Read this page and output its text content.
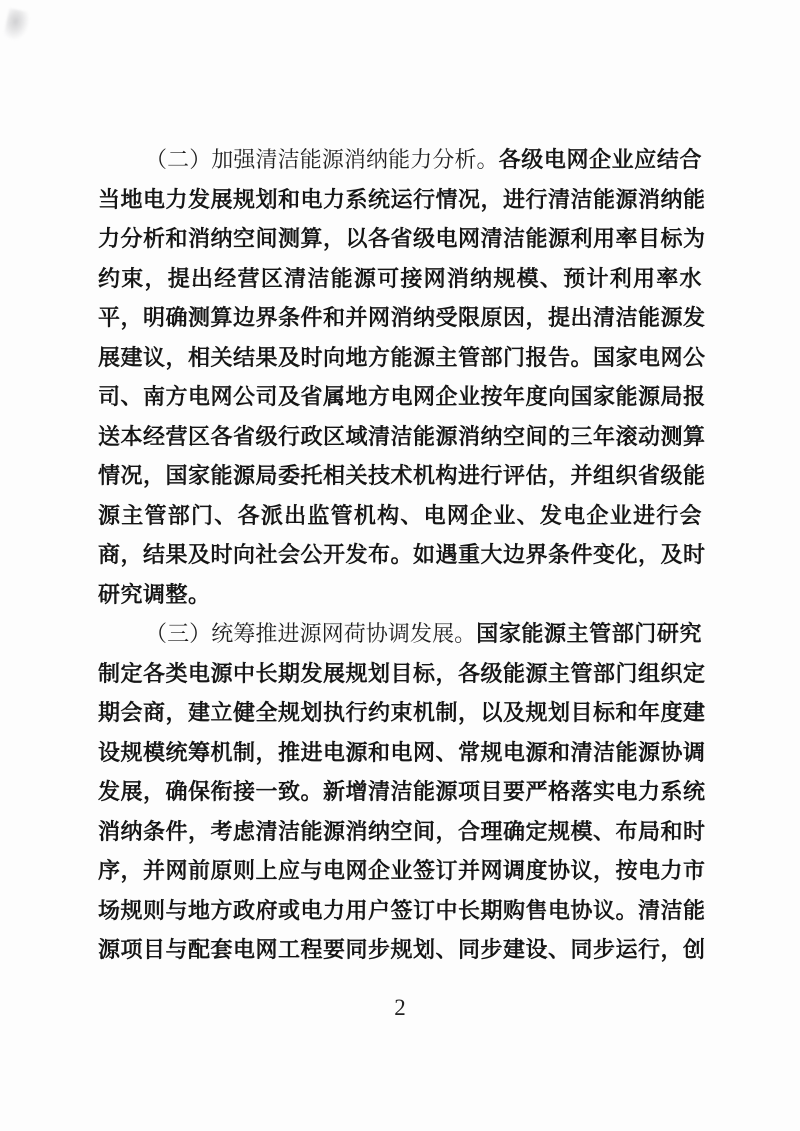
（二）加强清洁能源消纳能力分析。各级电网企业应结合
当地电力发展规划和电力系统运行情况，进行清洁能源消纳能
力分析和消纳空间测算，以各省级电网清洁能源利用率目标为
约束，提出经营区清洁能源可接网消纳规模、预计利用率水
平，明确测算边界条件和并网消纳受限原因，提出清洁能源发
展建议，相关结果及时向地方能源主管部门报告。国家电网公
司、南方电网公司及省属地方电网企业按年度向国家能源局报
送本经营区各省级行政区域清洁能源消纳空间的三年滚动测算
情况，国家能源局委托相关技术机构进行评估，并组织省级能
源主管部门、各派出监管机构、电网企业、发电企业进行会
商，结果及时向社会公开发布。如遇重大边界条件变化，及时
研究调整。
（三）统筹推进源网荷协调发展。国家能源主管部门研究
制定各类电源中长期发展规划目标，各级能源主管部门组织定
期会商，建立健全规划执行约束机制，以及规划目标和年度建
设规模统筹机制，推进电源和电网、常规电源和清洁能源协调
发展，确保衔接一致。新增清洁能源项目要严格落实电力系统
消纳条件，考虑清洁能源消纳空间，合理确定规模、布局和时
序，并网前原则上应与电网企业签订并网调度协议，按电力市
场规则与地方政府或电力用户签订中长期购售电协议。清洁能
源项目与配套电网工程要同步规划、同步建设、同步运行，创
2
